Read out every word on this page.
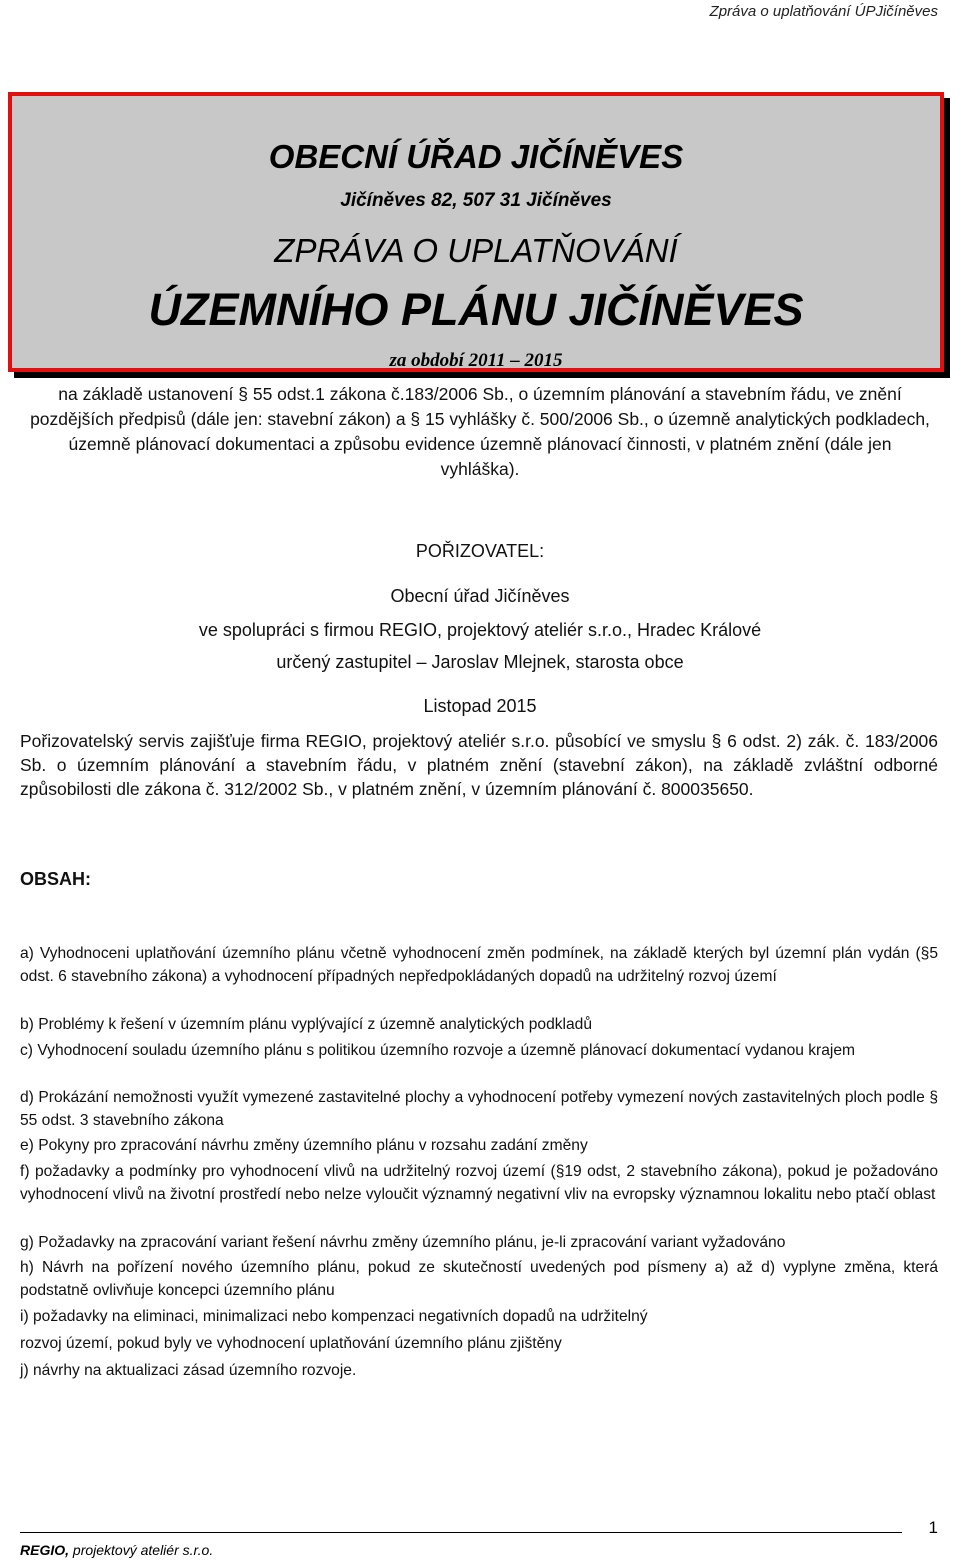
Zpráva o uplatňování ÚPJičíněves
OBECNÍ ÚŘAD JIČÍNĚVES
Jičíněves 82, 507 31 Jičíněves
ZPRÁVA O UPLATŇOVÁNÍ
ÚZEMNÍHO PLÁNU JIČÍNĚVES
za období 2011 – 2015
na základě ustanovení § 55 odst.1 zákona č.183/2006 Sb., o územním plánování a stavebním řádu, ve znění pozdějších předpisů (dále jen: stavební zákon) a § 15 vyhlášky č. 500/2006 Sb., o územně analytických podkladech, územně plánovací dokumentaci a způsobu evidence územně plánovací činnosti, v platném znění (dále jen vyhláška).
POŘIZOVATEL:
Obecní úřad Jičíněves
ve spolupráci s firmou REGIO, projektový ateliér s.r.o., Hradec Králové
určený zastupitel – Jaroslav Mlejnek, starosta obce
Listopad 2015
Pořizovatelský servis zajišťuje firma REGIO, projektový ateliér s.r.o. působící ve smyslu § 6 odst. 2) zák. č. 183/2006 Sb. o územním plánování a stavebním řádu, v platném znění (stavební zákon), na základě zvláštní odborné způsobilosti dle zákona č. 312/2002 Sb., v platném znění, v územním plánování č. 800035650.
OBSAH:
a) Vyhodnoceni uplatňování územního plánu včetně vyhodnocení změn podmínek, na základě kterých byl územní plán vydán (§5 odst. 6 stavebního zákona) a vyhodnocení případných nepředpokládaných dopadů na udržitelný rozvoj území
b) Problémy k řešení v územním plánu vyplývající z územně analytických podkladů
c) Vyhodnocení souladu územního plánu s politikou územního rozvoje a územně plánovací dokumentací vydanou krajem
d) Prokázání nemožnosti využít vymezené zastavitelné plochy a vyhodnocení potřeby vymezení nových zastavitelných ploch podle § 55 odst. 3 stavebního zákona
e) Pokyny pro zpracování návrhu změny územního plánu v rozsahu zadání změny
f) požadavky a podmínky pro vyhodnocení vlivů na udržitelný rozvoj území (§19 odst, 2 stavebního zákona), pokud je požadováno vyhodnocení vlivů na životní prostředí nebo nelze vyloučit významný negativní vliv na evropsky významnou lokalitu nebo ptačí oblast
g) Požadavky na zpracování variant řešení návrhu změny územního plánu, je-li zpracování variant vyžadováno
h) Návrh na pořízení nového územního plánu, pokud ze skutečností uvedených pod písmeny a) až d) vyplyne změna, která podstatně ovlivňuje koncepci územního plánu
i) požadavky na eliminaci, minimalizaci nebo kompenzaci negativních dopadů na udržitelný
rozvoj území, pokud byly ve vyhodnocení uplatňování územního plánu zjištěny
j) návrhy na aktualizaci zásad územního rozvoje.
1
REGIO, projektový ateliér s.r.o.
